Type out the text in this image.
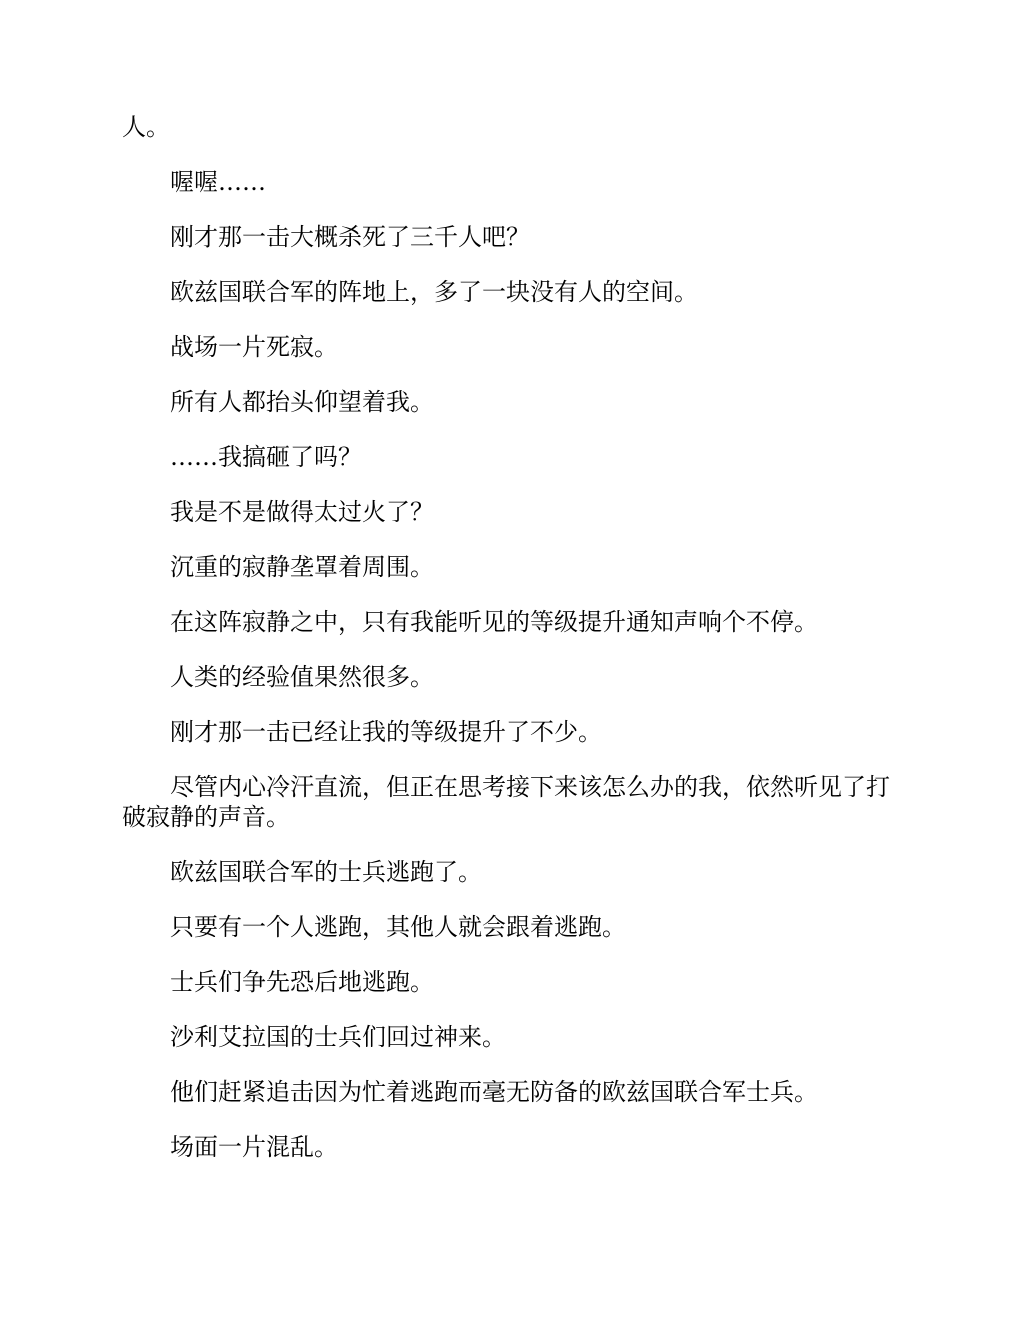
人。

喔喔……

刚才那一击大概杀死了三千人吧？

欧兹国联合军的阵地上，多了一块没有人的空间。

战场一片死寂。

所有人都抬头仰望着我。

……我搞砸了吗？

我是不是做得太过火了？

沉重的寂静垄罩着周围。

在这阵寂静之中，只有我能听见的等级提升通知声响个不停。

人类的经验值果然很多。

刚才那一击已经让我的等级提升了不少。

尽管内心冷汗直流，但正在思考接下来该怎么办的我，依然听见了打破寂静的声音。

欧兹国联合军的士兵逃跑了。

只要有一个人逃跑，其他人就会跟着逃跑。

士兵们争先恐后地逃跑。

沙利艾拉国的士兵们回过神来。

他们赶紧追击因为忙着逃跑而毫无防备的欧兹国联合军士兵。

场面一片混乱。
